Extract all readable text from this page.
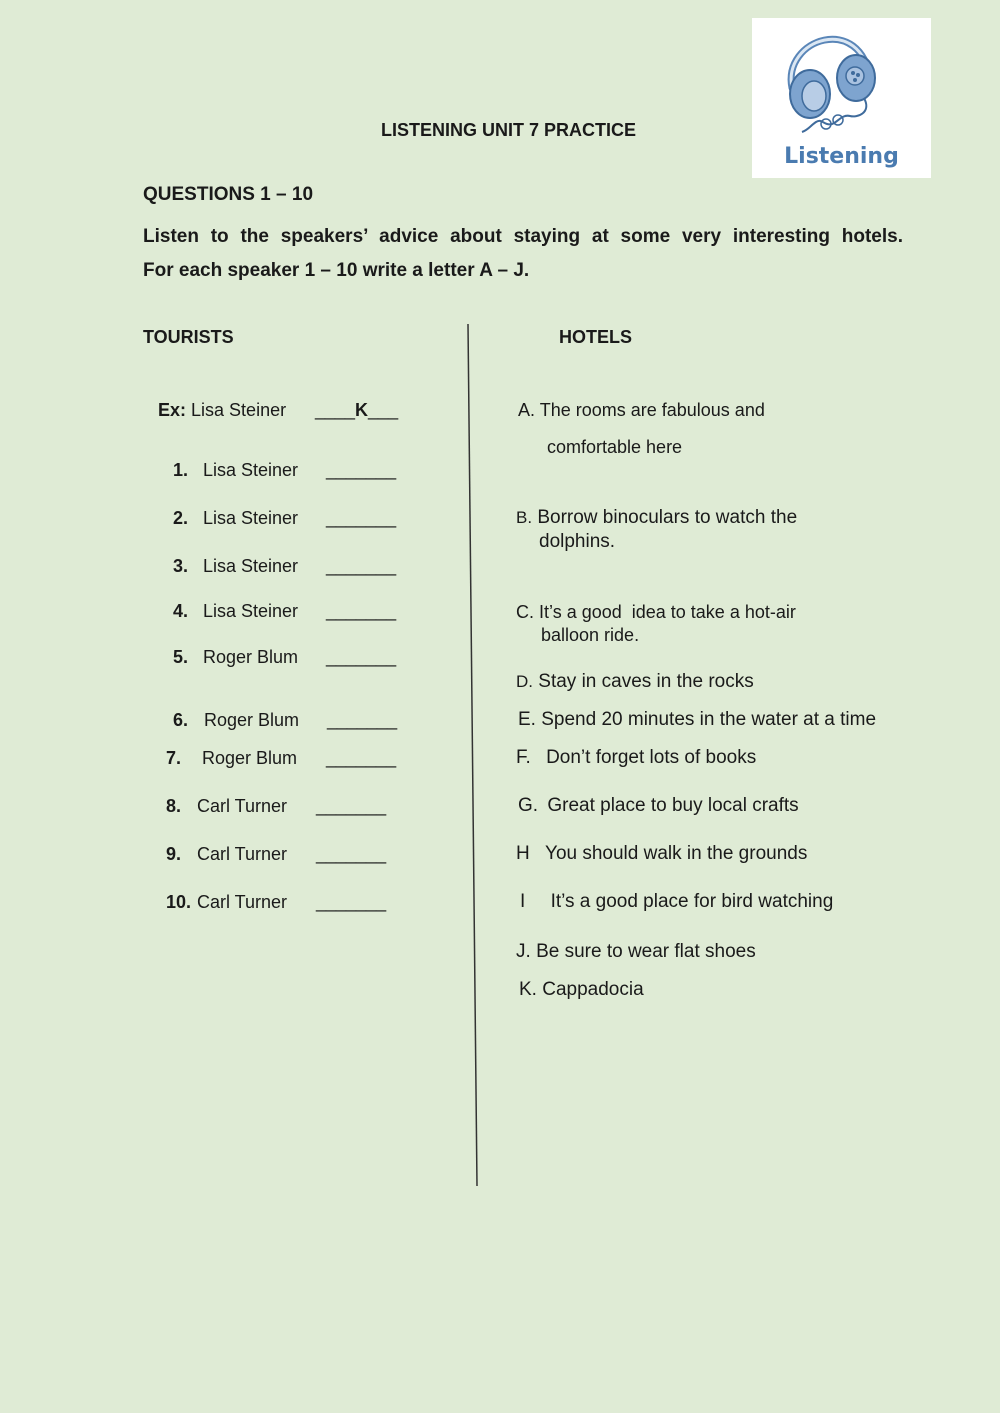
Listening
LISTENING UNIT 7 PRACTICE
QUESTIONS 1 – 10
Listen to the speakers’ advice about staying at some very interesting hotels.
For each speaker 1 – 10 write a letter A – J.
TOURISTS	HOTELS
Ex: Lisa Steiner ____K___
1. Lisa Steiner _______
2. Lisa Steiner _______
3. Lisa Steiner _______
4. Lisa Steiner _______
5. Roger Blum _______
6. Roger Blum _______
7. Roger Blum _______
8. Carl Turner _______
9. Carl Turner _______
10. Carl Turner _______
A. The rooms are fabulous and
comfortable here
B. Borrow binoculars to watch the
dolphins.
C. It’s a good  idea to take a hot-air
balloon ride.
D. Stay in caves in the rocks
E. Spend 20 minutes in the water at a time
F. Don’t forget lots of books
G. Great place to buy local crafts
H You should walk in the grounds
I It’s a good place for bird watching
J. Be sure to wear flat shoes
K. Cappadocia
